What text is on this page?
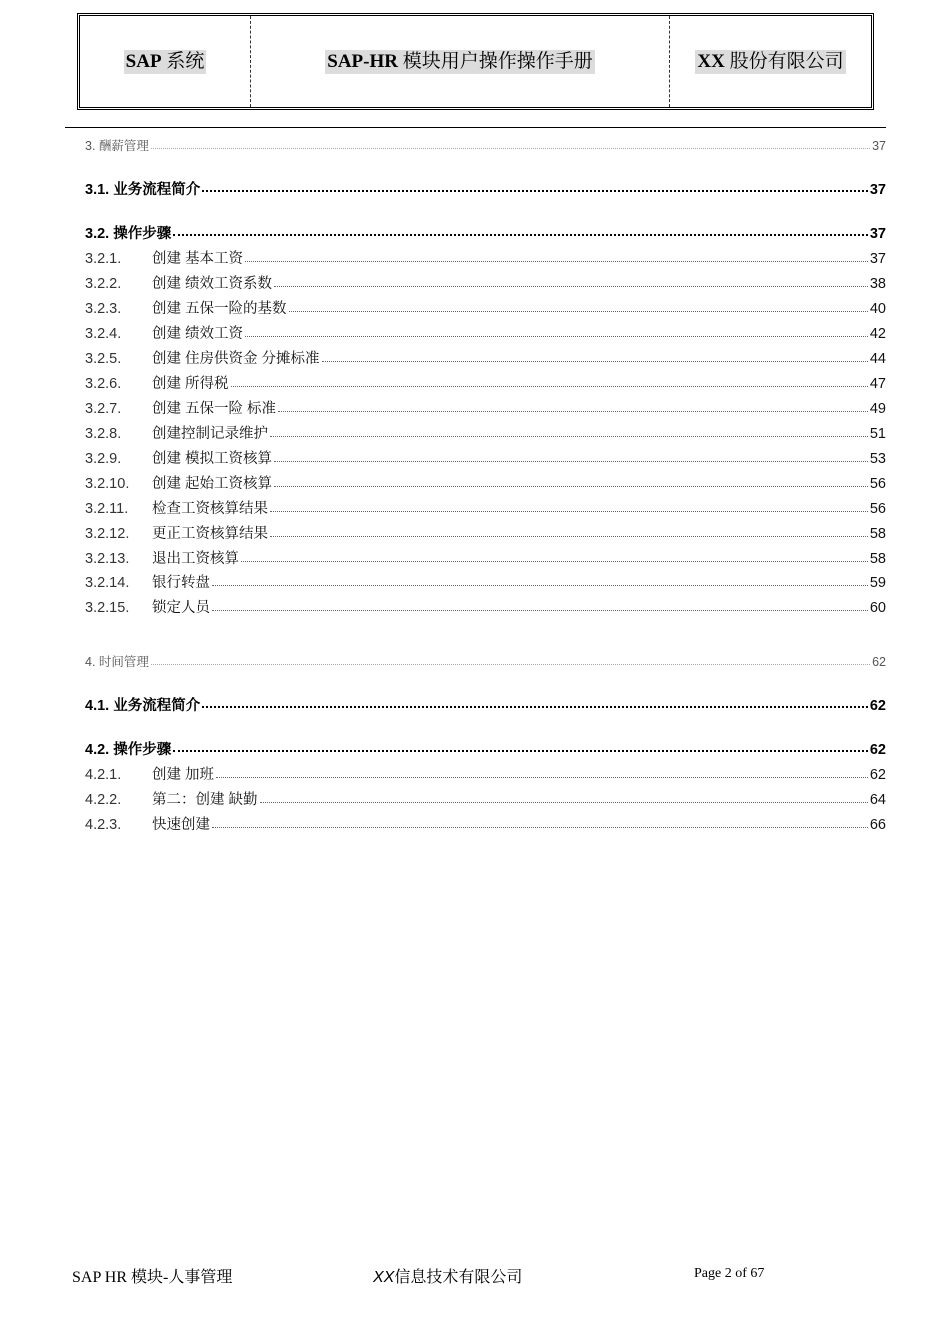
SAP 系统	SAP-HR 模块用户操作操作手册	XX 股份有限公司
3. 酬薪管理	37
3.1. 业务流程简介	37
3.2. 操作步骤	37
3.2.1.	创建 基本工资	37
3.2.2.	创建 绩效工资系数	38
3.2.3.	创建 五保一险的基数	40
3.2.4.	创建 绩效工资	42
3.2.5.	创建 住房供资金 分摊标准	44
3.2.6.	创建 所得税	47
3.2.7.	创建 五保一险 标准	49
3.2.8.	创建控制记录维护	51
3.2.9.	创建 模拟工资核算	53
3.2.10.	创建 起始工资核算	56
3.2.11.	检查工资核算结果	56
3.2.12.	更正工资核算结果	58
3.2.13.	退出工资核算	58
3.2.14.	银行转盘	59
3.2.15.	锁定人员	60
4. 时间管理	62
4.1. 业务流程简介	62
4.2. 操作步骤	62
4.2.1.	创建 加班	62
4.2.2.	第二：创建 缺勤	64
4.2.3.	快速创建	66
SAP HR 模块-人事管理	XX信息技术有限公司	Page 2 of 67
